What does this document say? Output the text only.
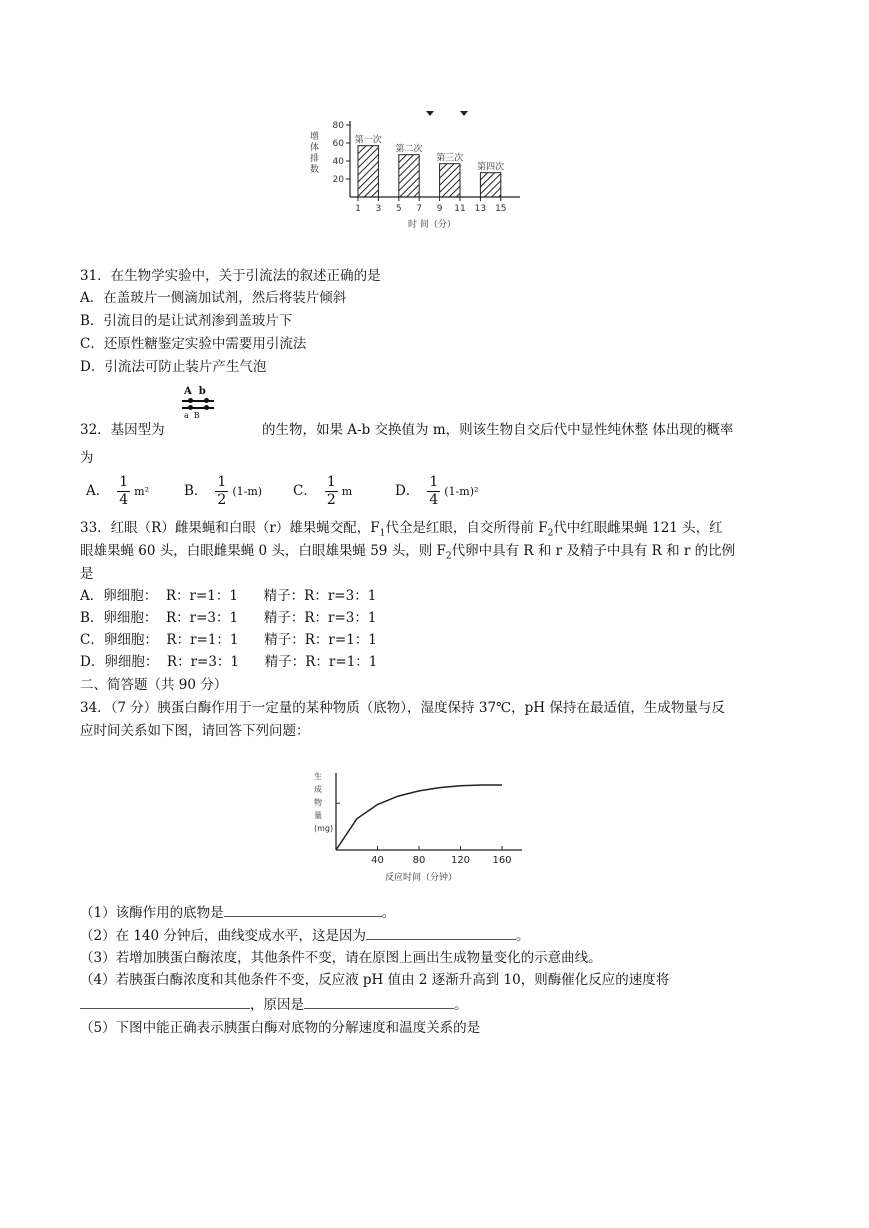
80
60
40
20
1 3 5 7 9 11 13 15
第一次
第二次
第三次
第四次
增体排数
时 间（分）
31．在生物学实验中，关于引流法的叙述正确的是
A．在盖玻片一侧滴加试剂，然后将装片倾斜
B．引流目的是让试剂渗到盖玻片下
C．还原性糖鉴定实验中需要用引流法
D．引流法可防止装片产生气泡
A  b
a  B
32．基因型为	的生物，如果 A-b 交换值为 m，则该生物自交后代中显性纯休整 体出现的概率
为
A． $\frac{1}{4} m^2$	B． $\frac{1}{2} (1-m)$ C． $\frac{1}{2}$ m	D． $\frac{1}{4} (1-m)^2$
33．红眼（R）雌果蝇和白眼（r）雄果蝇交配，$F_1$代全是红眼，自交所得前 $F_2$代中红眼雌果蝇 121 头，红
眼雄果蝇 60 头，白眼雌果蝇 0 头，白眼雄果蝇 59 头，则 $F_2$代卵中具有 R 和 r 及精子中具有 R 和 r 的比例
是
A．卵细胞：  R：r=1：1      精子：R：r=3：1
B．卵细胞：  R：r=3：1      精子：R：r=3：1
C．卵细胞：  R：r=1：1      精子：R：r=1：1
D．卵细胞：  R：r=3：1      精子：R：r=1：1
二、简答题（共 90 分）
34．（7 分）胰蛋白酶作用于一定量的某种物质（底物），湿度保持 37℃，pH 保持在最适值，生成物量与反
应时间关系如下图，请回答下列问题：
40	80	120 160
生成物量(mg)
反应时间（分钟）
（1）该酶作用的底物是	。
（2）在 140 分钟后，曲线变成水平，这是因为	。
（3）若增加胰蛋白酶浓度，其他条件不变，请在原图上画出生成物量变化的示意曲线。
（4）若胰蛋白酶浓度和其他条件不变，反应液 pH 值由 2 逐渐升高到 10，则酶催化反应的速度将
，原因是	。
（5）下图中能正确表示胰蛋白酶对底物的分解速度和温度关系的是
